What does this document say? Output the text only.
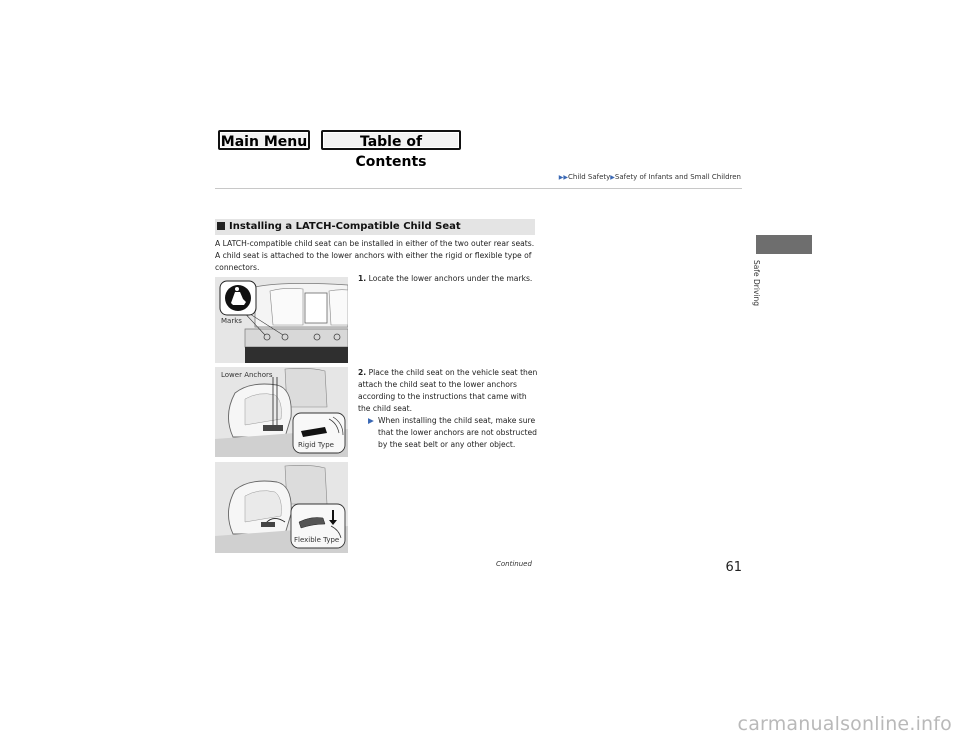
Main Menu	Table of Contents
▶▶Child Safety▶Safety of Infants and Small Children
Safe Driving
Installing a LATCH-Compatible Child Seat
A LATCH-compatible child seat can be installed in either of the two outer rear seats. A child seat is attached to the lower anchors with either the rigid or flexible type of connectors.
1. Locate the lower anchors under the marks.
2. Place the child seat on the vehicle seat then attach the child seat to the lower anchors according to the instructions that came with the child seat.
▶ When installing the child seat, make sure that the lower anchors are not obstructed by the seat belt or any other object.
Marks
Lower Anchors
Rigid Type
Flexible Type
Continued	61
carmanualsonline.info
